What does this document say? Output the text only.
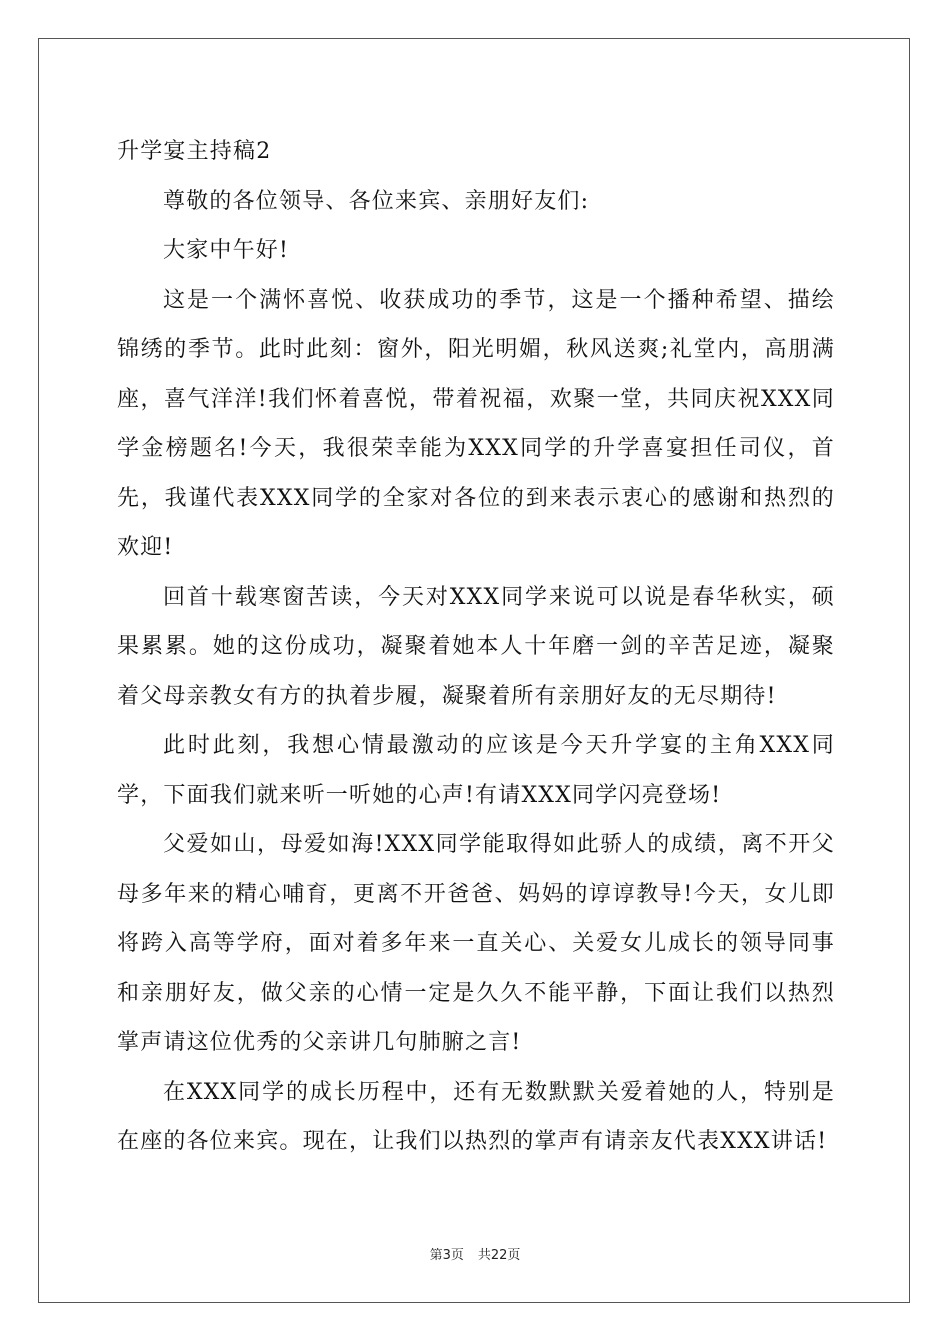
升学宴主持稿2

尊敬的各位领导、各位来宾、亲朋好友们:

大家中午好!

这是一个满怀喜悦、收获成功的季节，这是一个播种希望、描绘锦绣的季节。此时此刻：窗外，阳光明媚，秋风送爽;礼堂内，高朋满座，喜气洋洋!我们怀着喜悦，带着祝福，欢聚一堂，共同庆祝XXX同学金榜题名!今天，我很荣幸能为XXX同学的升学喜宴担任司仪，首先，我谨代表XXX同学的全家对各位的到来表示衷心的感谢和热烈的欢迎!

回首十载寒窗苦读，今天对XXX同学来说可以说是春华秋实，硕果累累。她的这份成功，凝聚着她本人十年磨一剑的辛苦足迹，凝聚着父母亲教女有方的执着步履，凝聚着所有亲朋好友的无尽期待!

此时此刻，我想心情最激动的应该是今天升学宴的主角XXX同学，下面我们就来听一听她的心声!有请XXX同学闪亮登场!

父爱如山，母爱如海!XXX同学能取得如此骄人的成绩，离不开父母多年来的精心哺育，更离不开爸爸、妈妈的谆谆教导!今天，女儿即将跨入高等学府，面对着多年来一直关心、关爱女儿成长的领导同事和亲朋好友，做父亲的心情一定是久久不能平静，下面让我们以热烈掌声请这位优秀的父亲讲几句肺腑之言!

在XXX同学的成长历程中，还有无数默默关爱着她的人，特别是在座的各位来宾。现在，让我们以热烈的掌声有请亲友代表XXX讲话!

第3页 共22页
